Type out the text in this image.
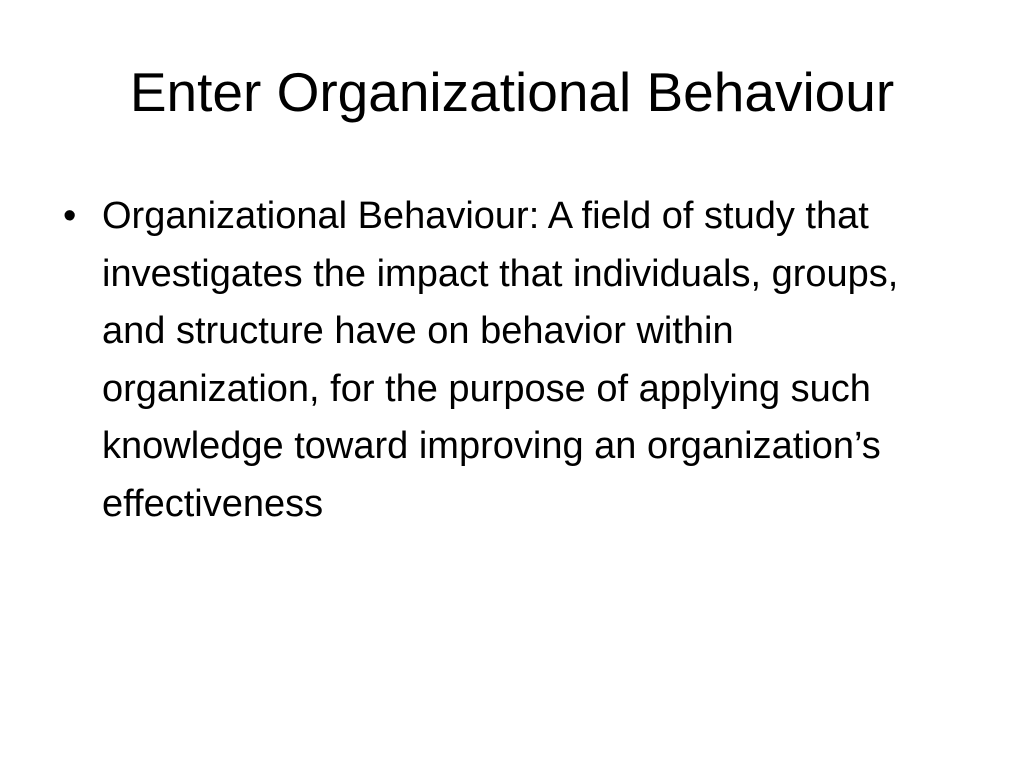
Enter Organizational Behaviour
• Organizational Behaviour: A field of study that investigates the impact that individuals, groups, and structure have on behavior within organization, for the purpose of applying such knowledge toward improving an organization’s effectiveness
